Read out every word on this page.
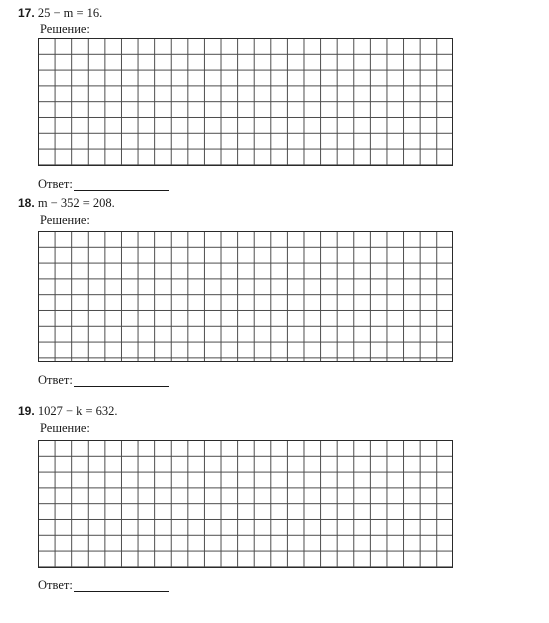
17. 25 − m = 16.
Решение:
Ответ:
18. m − 352 = 208.
Решение:
Ответ:
19. 1027 − k = 632.
Решение:
Ответ:
